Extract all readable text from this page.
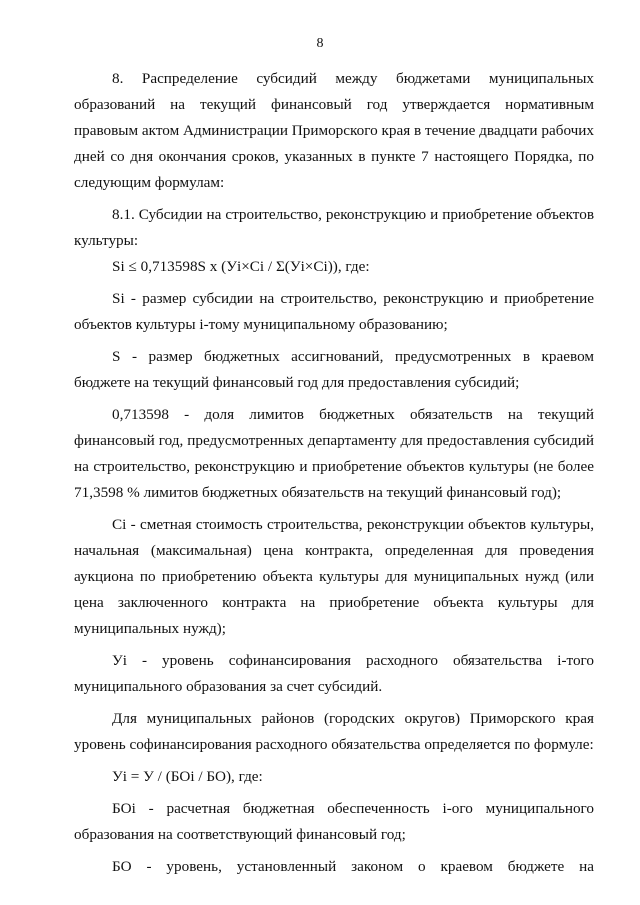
8

8. Распределение субсидий между бюджетами муниципальных образований на текущий финансовый год утверждается нормативным правовым актом Администрации Приморского края в течение двадцати рабочих дней со дня окончания сроков, указанных в пункте 7 настоящего Порядка, по следующим формулам:

8.1. Субсидии на строительство, реконструкцию и приобретение объектов культуры:

Si ≤ 0,713598S x (Уi×Ci / Σ(Уi×Ci)), где:

Si - размер субсидии на строительство, реконструкцию и приобретение объектов культуры i-тому муниципальному образованию;

S - размер бюджетных ассигнований, предусмотренных в краевом бюджете на текущий финансовый год для предоставления субсидий;

0,713598 - доля лимитов бюджетных обязательств на текущий финансовый год, предусмотренных департаменту для предоставления субсидий на строительство, реконструкцию и приобретение объектов культуры (не более 71,3598 % лимитов бюджетных обязательств на текущий финансовый год);

Ci - сметная стоимость строительства, реконструкции объектов культуры, начальная (максимальная) цена контракта, определенная для проведения аукциона по приобретению объекта культуры для муниципальных нужд (или цена заключенного контракта на приобретение объекта культуры для муниципальных нужд);

Уi - уровень софинансирования расходного обязательства i-того муниципального образования за счет субсидий.

Для муниципальных районов (городских округов) Приморского края уровень софинансирования расходного обязательства определяется по формуле:

Уi = У / (БОi / БО), где:

БОi - расчетная бюджетная обеспеченность i-ого муниципального образования на соответствующий финансовый год;

БО - уровень, установленный законом о краевом бюджете на
